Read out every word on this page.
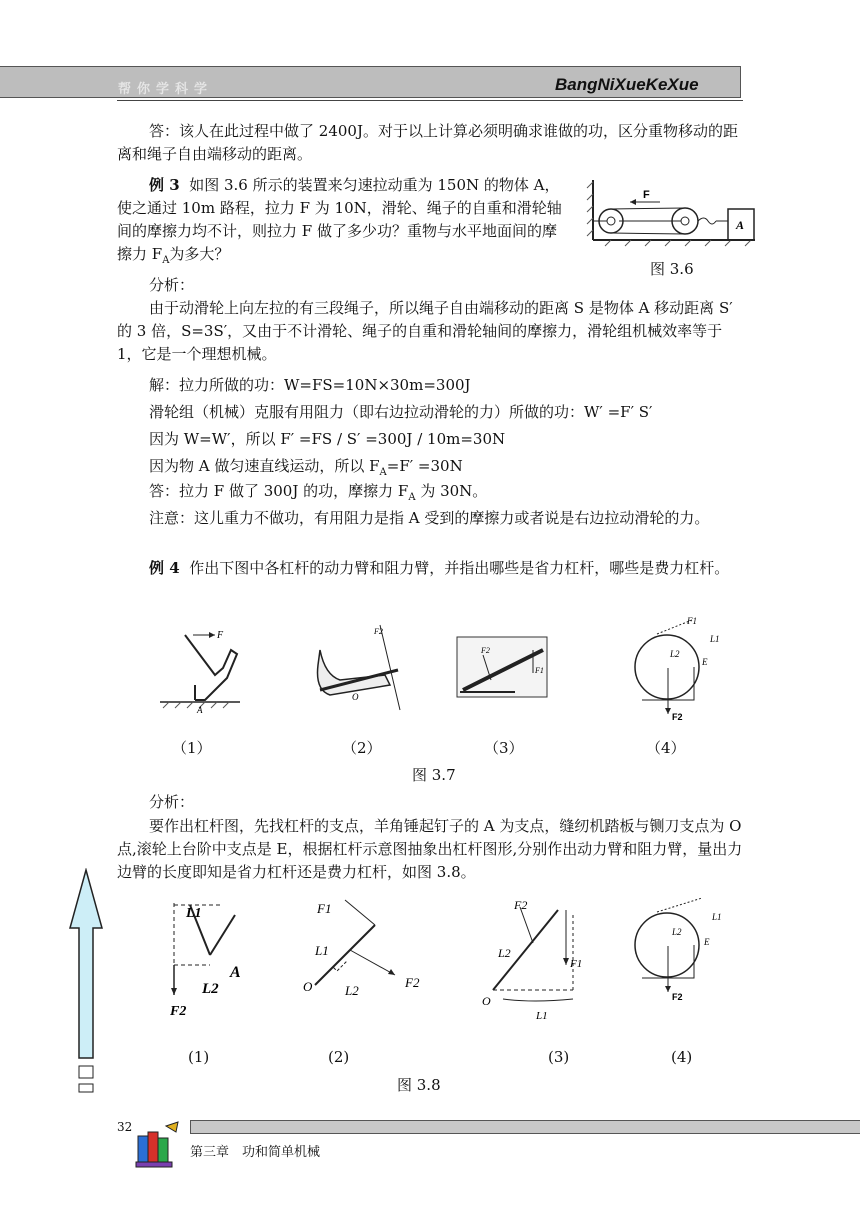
帮你学科学	BangNiXueKeXue
答：该人在此过程中做了 2400J。对于以上计算必须明确求谁做的功，区分重物移动的距离和绳子自由端移动的距离。
例 3 如图 3.6 所示的装置来匀速拉动重为 150N 的物体 A，使之通过 10m 路程，拉力 F 为 10N，滑轮、绳子的自重和滑轮轴间的摩擦力均不计，则拉力 F 做了多少功？重物与水平地面间的摩擦力 $F_A$为多大？
分析：
由于动滑轮上向左拉的有三段绳子，所以绳子自由端移动的距离 S 是物体 A 移动距离 S′ 的 3 倍，S=3S′，又由于不计滑轮、绳子的自重和滑轮轴间的摩擦力，滑轮组机械效率等于 1，它是一个理想机械。
解：拉力所做的功：W=FS=10N×30m=300J
滑轮组（机械）克服有用阻力（即右边拉动滑轮的力）所做的功：W′ =F′ S′
因为 W=W′，所以 F′ =FS / S′ =300J / 10m=30N
因为物 A 做匀速直线运动，所以 $F_A=F' =30N$
答：拉力 F 做了 300J 的功，摩擦力 $F_A$ 为 30N。
注意：这儿重力不做功，有用阻力是指 A 受到的摩擦力或者说是右边拉动滑轮的力。
例 4 作出下图中各杠杆的动力臂和阻力臂，并指出哪些是省力杠杆，哪些是费力杠杆。
A
F
图 3.6
F
A
F2
O
F2
F1
F2
F1
L1
L2
E
（1）	（2）	（3）	（4）
图 3.7
分析：
要作出杠杆图，先找杠杆的支点，羊角锤起钉子的 A 为支点，缝纫机踏板与铡刀支点为 O 点,滚轮上台阶中支点是 E，根据杠杆示意图抽象出杠杆图形,分别作出动力臂和阻力臂，量出力边臂的长度即知是省力杠杆还是费力杠杆，如图 3.8。
L1
L2
A
F2
F1
L1
O	L2
F2
F2
L2
F1
O
L1
F2
L1
L2
E
(1)	(2)	(3)	(4)
图 3.8
32
第三章　功和简单机械
